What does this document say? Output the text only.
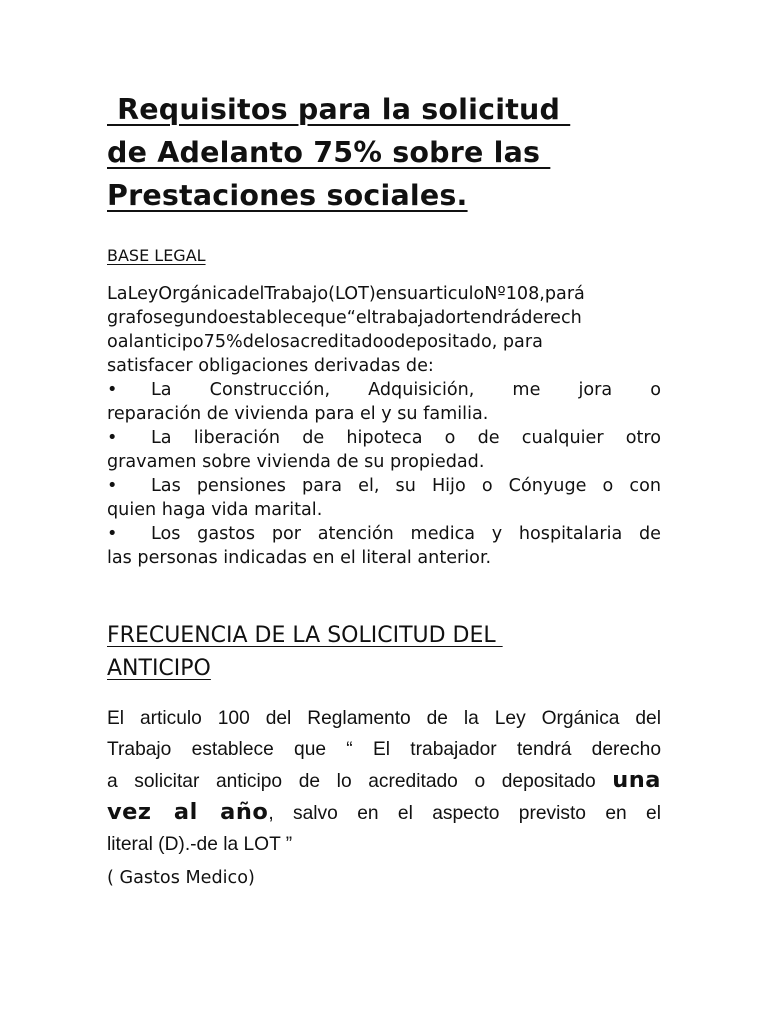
Requisitos para la solicitud
de Adelanto 75% sobre las
Prestaciones sociales.
BASE LEGAL
LaLeyOrgánicadelTrabajo(LOT)ensuarticuloNº108,pará
grafosegundoestableceque“eltrabajadortendráderech
oalanticipo75%delosacreditadoodepositado, para
satisfacer obligaciones derivadas de:
• La Construcción, Adquisición, me jora o
reparación de vivienda para el y su familia.
• La liberación de hipoteca o de cualquier otro
gravamen sobre vivienda de su propiedad.
• Las pensiones para el, su Hijo o Cónyuge o con
quien haga vida marital.
• Los gastos por atención medica y hospitalaria de
las personas indicadas en el literal anterior.
FRECUENCIA DE LA SOLICITUD DEL
ANTICIPO
El articulo 100 del Reglamento de la Ley Orgánica del
Trabajo establece que “ El trabajador tendrá derecho
a solicitar anticipo de lo acreditado o depositado una
vez al año, salvo en el aspecto previsto en el
literal (D).-de la LOT ”
( Gastos Medico)
